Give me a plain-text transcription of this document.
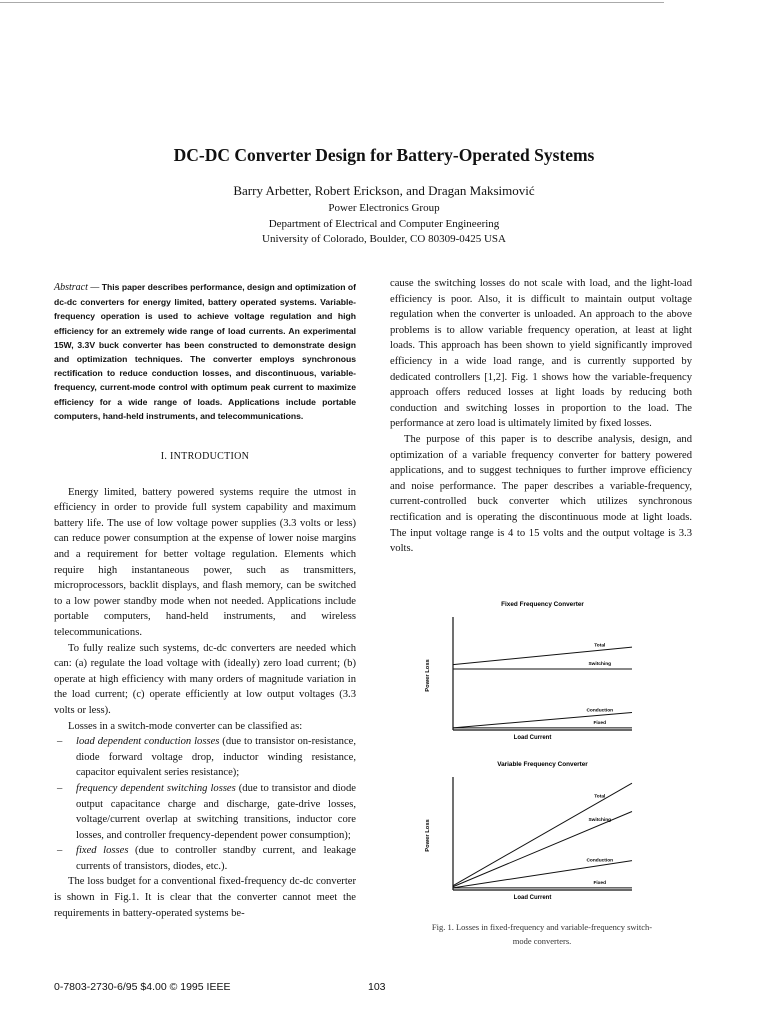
DC-DC Converter Design for Battery-Operated Systems
Barry Arbetter, Robert Erickson, and Dragan Maksimović
Power Electronics Group
Department of Electrical and Computer Engineering
University of Colorado, Boulder, CO 80309-0425 USA
Abstract — This paper describes performance, design and optimization of dc-dc converters for energy limited, battery operated systems. Variable-frequency operation is used to achieve voltage regulation and high efficiency for an extremely wide range of load currents. An experimental 15W, 3.3V buck converter has been constructed to demonstrate design and optimization techniques. The converter employs synchronous rectification to reduce conduction losses, and discontinuous, variable-frequency, current-mode control with optimum peak current to maximize efficiency for a wide range of loads. Applications include portable computers, hand-held instruments, and telecommunications.
I. INTRODUCTION

Energy limited, battery powered systems require the utmost in efficiency in order to provide full system capability and maximum battery life. The use of low voltage power supplies (3.3 volts or less) can reduce power consumption at the expense of lower noise margins and a requirement for better voltage regulation. Elements which require high instantaneous power, such as transmitters, microprocessors, backlit displays, and flash memory, can be switched to a low power standby mode when not needed. Applications include portable computers, hand-held instruments, and wireless telecommunications.

To fully realize such systems, dc-dc converters are needed which can: (a) regulate the load voltage with (ideally) zero load current; (b) operate at high efficiency with many orders of magnitude variation in the load current; (c) operate efficiently at low output voltages (3.3 volts or less).

Losses in a switch-mode converter can be classified as:

– load dependent conduction losses (due to transistor on-resistance, diode forward voltage drop, inductor winding resistance, capacitor equivalent series resistance);
– frequency dependent switching losses (due to transistor and diode output capacitance charge and discharge, gate-drive losses, voltage/current overlap at switching transitions, inductor core losses, and controller frequency-dependent power consumption);
– fixed losses (due to controller standby current, and leakage currents of transistors, diodes, etc.).

The loss budget for a conventional fixed-frequency dc-dc converter is shown in Fig.1. It is clear that the converter cannot meet the requirements in battery-operated systems be-

cause the switching losses do not scale with load, and the light-load efficiency is poor. Also, it is difficult to maintain output voltage regulation when the converter is unloaded. An approach to the above problems is to allow variable frequency operation, at least at light loads. This approach has been shown to yield significantly improved efficiency in a wide load range, and is currently supported by dedicated controllers [1,2]. Fig. 1 shows how the variable-frequency approach offers reduced losses at light loads by reducing both conduction and switching losses in proportion to the load. The performance at zero load is ultimately limited by fixed losses.

The purpose of this paper is to describe analysis, design, and optimization of a variable frequency converter for battery powered applications, and to suggest techniques to further improve efficiency and noise performance. The paper describes a variable-frequency, current-controlled buck converter which utilizes synchronous rectification and is operating the discontinuous mode at light loads. The input voltage range is 4 to 15 volts and the output voltage is 3.3 volts.

Fixed Frequency Converter
Load Current
Power Loss
Total
Switching
Conduction
Fixed
Variable Frequency Converter
Load Current
Power Loss
Total
Switching
Conduction
Fixed
Fig. 1. Losses in fixed-frequency and variable-frequency switch-mode converters.
0-7803-2730-6/95 $4.00 © 1995 IEEE	103
